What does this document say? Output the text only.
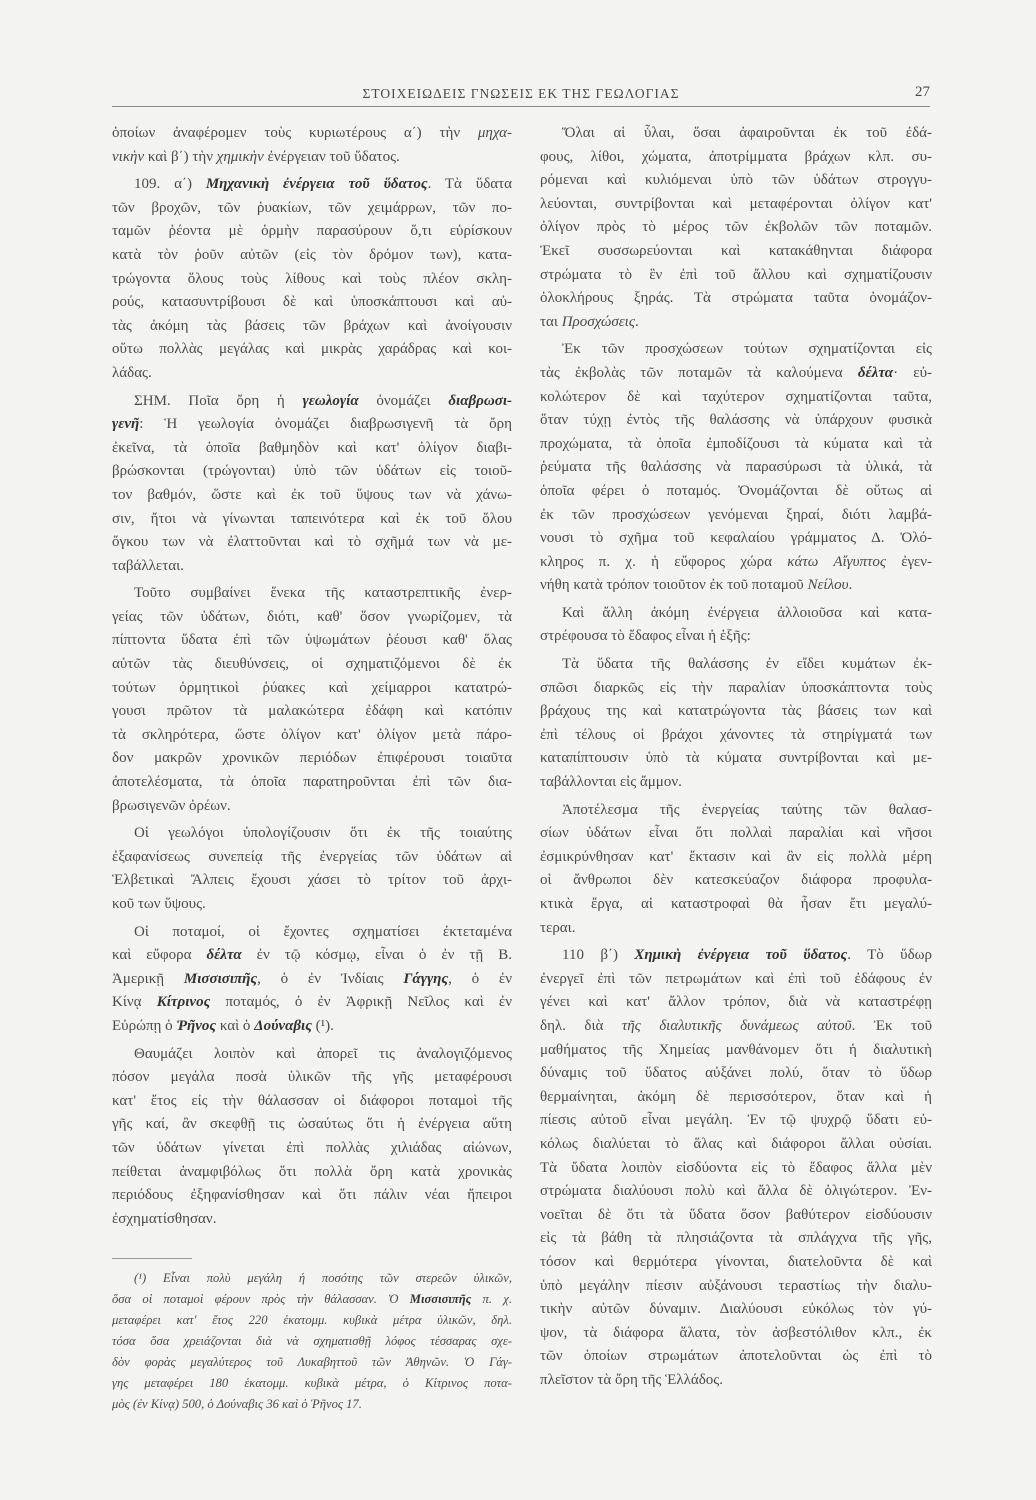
ΣΤΟΙΧΕΙΩΔΕΙΣ ΓΝΩΣΕΙΣ ΕΚ ΤΗΣ ΓΕΩΛΟΓΙΑΣ	27
ὁποίων ἀναφέρομεν τοὺς κυριωτέρους α΄) τὴν μηχα-
νικὴν καὶ β΄) τὴν χημικὴν ἐνέργειαν τοῦ ὕδατος.
109. α΄) Μηχανικὴ ἐνέργεια τοῦ ὕδατος. Τὰ ὕδατα
τῶν βροχῶν, τῶν ῥυακίων, τῶν χειμάρρων, τῶν πο-
ταμῶν ῥέοντα μὲ ὁρμὴν παρασύρουν ὅ,τι εὑρίσκουν
κατὰ τὸν ῥοῦν αὐτῶν (εἰς τὸν δρόμον των), κατα-
τρώγοντα ὅλους τοὺς λίθους καὶ τοὺς πλέον σκλη-
ρούς, κατασυντρίβουσι δὲ καὶ ὑποσκάπτουσι καὶ αὐ-
τὰς ἀκόμη τὰς βάσεις τῶν βράχων καὶ ἀνοίγουσιν
οὕτω πολλὰς μεγάλας καὶ μικρὰς χαράδρας καὶ κοι-
λάδας.
ΣΗΜ. Ποῖα ὄρη ἡ γεωλογία ὀνομάζει διαβρωσι-
γενῆ: Ἡ γεωλογία ὀνομάζει διαβρωσιγενῆ τὰ ὄρη
ἐκεῖνα, τὰ ὁποῖα βαθμηδὸν καὶ κατ' ὀλίγον διαβι-
βρώσκονται (τρώγονται) ὑπὸ τῶν ὑδάτων εἰς τοιοῦ-
τον βαθμόν, ὥστε καὶ ἐκ τοῦ ὕψους των νὰ χάνω-
σιν, ἤτοι νὰ γίνωνται ταπεινότερα καὶ ἐκ τοῦ ὅλου
ὄγκου των νὰ ἐλαττοῦνται καὶ τὸ σχῆμά των νὰ με-
ταβάλλεται.
Τοῦτο συμβαίνει ἕνεκα τῆς καταστρεπτικῆς ἐνερ-
γείας τῶν ὑδάτων, διότι, καθ' ὅσον γνωρίζομεν, τὰ
πίπτοντα ὕδατα ἐπὶ τῶν ὑψωμάτων ῥέουσι καθ' ὅλας
αὐτῶν τὰς διευθύνσεις, οἱ σχηματιζόμενοι δὲ ἐκ
τούτων ὁρμητικοὶ ῥύακες καὶ χείμαρροι κατατρώ-
γουσι πρῶτον τὰ μαλακώτερα ἐδάφη καὶ κατόπιν
τὰ σκληρότερα, ὥστε ὀλίγον κατ' ὀλίγον μετὰ πάρο-
δον μακρῶν χρονικῶν περιόδων ἐπιφέρουσι τοιαῦτα
ἀποτελέσματα, τὰ ὁποῖα παρατηροῦνται ἐπὶ τῶν δια-
βρωσιγενῶν ὀρέων.
Οἱ γεωλόγοι ὑπολογίζουσιν ὅτι ἐκ τῆς τοιαύτης
ἐξαφανίσεως συνεπείᾳ τῆς ἐνεργείας τῶν ὑδάτων αἱ
Ἑλβετικαὶ Ἄλπεις ἔχουσι χάσει τὸ τρίτον τοῦ ἀρχι-
κοῦ των ὕψους.
Οἱ ποταμοί, οἱ ἔχοντες σχηματίσει ἐκτεταμένα
καὶ εὔφορα δέλτα ἐν τῷ κόσμῳ, εἶναι ὁ ἐν τῇ Β.
Ἀμερικῇ Μισσισιπῆς, ὁ ἐν Ἰνδίαις Γάγγης, ὁ ἐν
Κίνᾳ Κίτρινος ποταμός, ὁ ἐν Ἀφρικῇ Νεῖλος καὶ ἐν
Εὐρώπῃ ὁ Ῥῆνος καὶ ὁ Δούναβις (¹).
Θαυμάζει λοιπὸν καὶ ἀπορεῖ τις ἀναλογιζόμενος
πόσον μεγάλα ποσὰ ὑλικῶν τῆς γῆς μεταφέρουσι
κατ' ἔτος εἰς τὴν θάλασσαν οἱ διάφοροι ποταμοὶ τῆς
γῆς καί, ἂν σκεφθῇ τις ὡσαύτως ὅτι ἡ ἐνέργεια αὕτη
τῶν ὑδάτων γίνεται ἐπὶ πολλὰς χιλιάδας αἰώνων,
πείθεται ἀναμφιβόλως ὅτι πολλὰ ὄρη κατὰ χρονικὰς
περιόδους ἐξηφανίσθησαν καὶ ὅτι πάλιν νέαι ἤπειροι
ἐσχηματίσθησαν.
(¹) Εἶναι πολὺ μεγάλη ἡ ποσότης τῶν στερεῶν ὑλικῶν,
ὅσα οἱ ποταμοὶ φέρουν πρὸς τὴν θάλασσαν. Ὁ Μισσισιπῆς π. χ.
μεταφέρει κατ' ἔτος 220 ἑκατομμ. κυβικὰ μέτρα ὑλικῶν, δηλ.
τόσα ὅσα χρειάζονται διὰ νὰ σχηματισθῇ λόφος τέσσαρας σχε-
δὸν φορὰς μεγαλύτερος τοῦ Λυκαβηττοῦ τῶν Ἀθηνῶν. Ὁ Γάγ-
γης μεταφέρει 180 ἑκατομμ. κυβικὰ μέτρα, ὁ Κίτρινος ποτα-
μὸς (ἐν Κίνᾳ) 500, ὁ Δούναβις 36 καὶ ὁ Ῥῆνος 17.
Ὅλαι αἱ ὗλαι, ὅσαι ἀφαιροῦνται ἐκ τοῦ ἐδά-
φους, λίθοι, χώματα, ἀποτρίμματα βράχων κλπ. συ-
ρόμεναι καὶ κυλιόμεναι ὑπὸ τῶν ὑδάτων στρογγυ-
λεύονται, συντρίβονται καὶ μεταφέρονται ὀλίγον κατ'
ὀλίγον πρὸς τὸ μέρος τῶν ἐκβολῶν τῶν ποταμῶν.
Ἐκεῖ συσσωρεύονται καὶ κατακάθηνται διάφορα
στρώματα τὸ ἓν ἐπὶ τοῦ ἄλλου καὶ σχηματίζουσιν
ὁλοκλήρους ξηράς. Τὰ στρώματα ταῦτα ὀνομάζον-
ται Προσχώσεις.
Ἐκ τῶν προσχώσεων τούτων σχηματίζονται εἰς
τὰς ἐκβολὰς τῶν ποταμῶν τὰ καλούμενα δέλτα· εὐ-
κολώτερον δὲ καὶ ταχύτερον σχηματίζονται ταῦτα,
ὅταν τύχῃ ἐντὸς τῆς θαλάσσης νὰ ὑπάρχουν φυσικὰ
προχώματα, τὰ ὁποῖα ἐμποδίζουσι τὰ κύματα καὶ τὰ
ῥεύματα τῆς θαλάσσης νὰ παρασύρωσι τὰ ὑλικά, τὰ
ὁποῖα φέρει ὁ ποταμός. Ὀνομάζονται δὲ οὕτως αἱ
ἐκ τῶν προσχώσεων γενόμεναι ξηραί, διότι λαμβά-
νουσι τὸ σχῆμα τοῦ κεφαλαίου γράμματος Δ. Ὁλό-
κληρος π. χ. ἡ εὔφορος χώρα κάτω Αἴγυπτος ἐγεν-
νήθη κατὰ τρόπον τοιοῦτον ἐκ τοῦ ποταμοῦ Νείλου.
Καὶ ἄλλη ἀκόμη ἐνέργεια ἀλλοιοῦσα καὶ κατα-
στρέφουσα τὸ ἔδαφος εἶναι ἡ ἑξῆς:
Τὰ ὕδατα τῆς θαλάσσης ἐν εἴδει κυμάτων ἐκ-
σπῶσι διαρκῶς εἰς τὴν παραλίαν ὑποσκάπτοντα τοὺς
βράχους της καὶ κατατρώγοντα τὰς βάσεις των καὶ
ἐπὶ τέλους οἱ βράχοι χάνοντες τὰ στηρίγματά των
καταπίπτουσιν ὑπὸ τὰ κύματα συντρίβονται καὶ με-
ταβάλλονται εἰς ἄμμον.
Ἀποτέλεσμα τῆς ἐνεργείας ταύτης τῶν θαλασ-
σίων ὑδάτων εἶναι ὅτι πολλαὶ παραλίαι καὶ νῆσοι
ἐσμικρύνθησαν κατ' ἔκτασιν καὶ ἂν εἰς πολλὰ μέρη
οἱ ἄνθρωποι δὲν κατεσκεύαζον διάφορα προφυλα-
κτικὰ ἔργα, αἱ καταστροφαὶ θὰ ἦσαν ἔτι μεγαλύ-
τεραι.
110 β΄) Χημικὴ ἐνέργεια τοῦ ὕδατος. Τὸ ὕδωρ
ἐνεργεῖ ἐπὶ τῶν πετρωμάτων καὶ ἐπὶ τοῦ ἐδάφους ἐν
γένει καὶ κατ' ἄλλον τρόπον, διὰ νὰ καταστρέφῃ
δηλ. διὰ τῆς διαλυτικῆς δυνάμεως αὐτοῦ. Ἐκ τοῦ
μαθήματος τῆς Χημείας μανθάνομεν ὅτι ἡ διαλυτικὴ
δύναμις τοῦ ὕδατος αὐξάνει πολύ, ὅταν τὸ ὕδωρ
θερμαίνηται, ἀκόμη δὲ περισσότερον, ὅταν καὶ ἡ
πίεσις αὐτοῦ εἶναι μεγάλη. Ἐν τῷ ψυχρῷ ὕδατι εὐ-
κόλως διαλύεται τὸ ἅλας καὶ διάφοροι ἄλλαι οὐσίαι.
Τὰ ὕδατα λοιπὸν εἰσδύοντα εἰς τὸ ἔδαφος ἄλλα μὲν
στρώματα διαλύουσι πολὺ καὶ ἄλλα δὲ ὀλιγώτερον. Ἐν-
νοεῖται δὲ ὅτι τὰ ὕδατα ὅσον βαθύτερον εἰσδύουσιν
εἰς τὰ βάθη τὰ πλησιάζοντα τὰ σπλάγχνα τῆς γῆς,
τόσον καὶ θερμότερα γίνονται, διατελοῦντα δὲ καὶ
ὑπὸ μεγάλην πίεσιν αὐξάνουσι τεραστίως τὴν διαλυ-
τικὴν αὐτῶν δύναμιν. Διαλύουσι εὐκόλως τὸν γύ-
ψον, τὰ διάφορα ἅλατα, τὸν ἀσβεστόλιθον κλπ., ἐκ
τῶν ὁποίων στρωμάτων ἀποτελοῦνται ὡς ἐπὶ τὸ
πλεῖστον τὰ ὄρη τῆς Ἑλλάδος.
